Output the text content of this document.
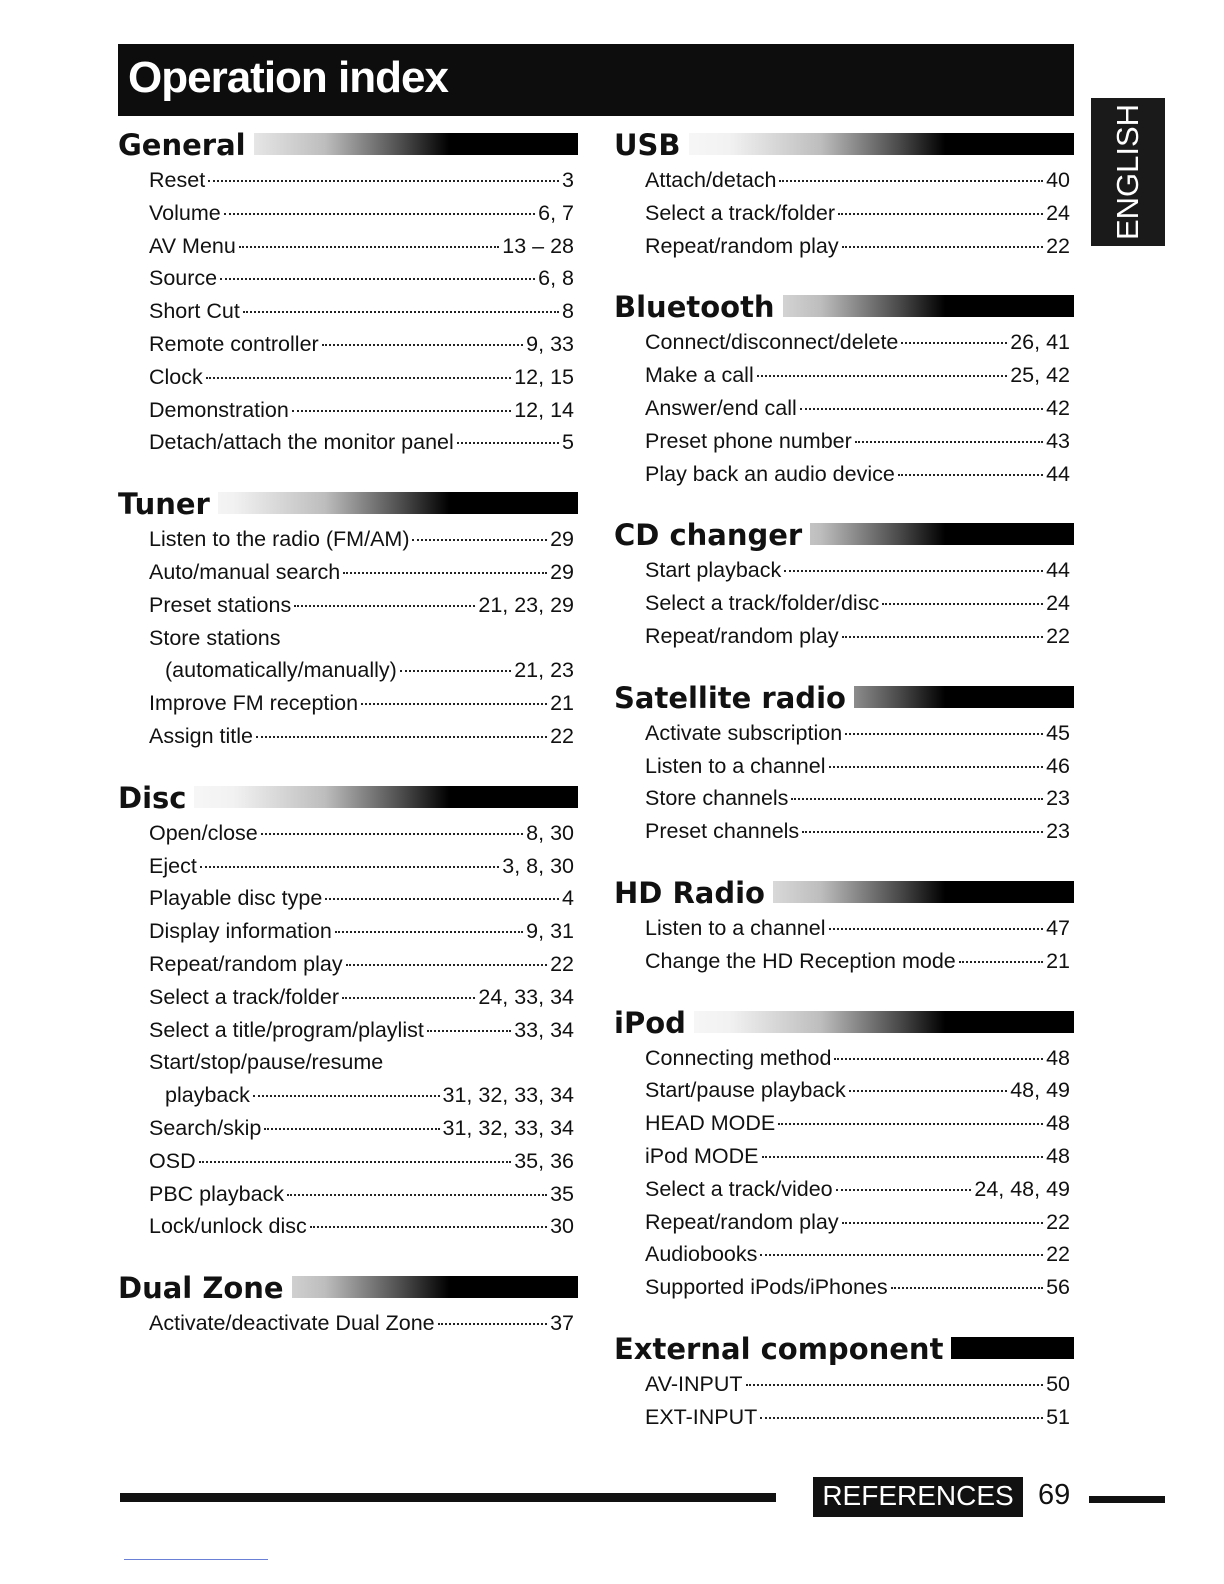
Operation index
ENGLISH
General
Reset	3
Volume	6, 7
AV Menu	13 – 28
Source	6, 8
Short Cut	8
Remote controller	9, 33
Clock	12, 15
Demonstration	12, 14
Detach/attach the monitor panel	5
Tuner
Listen to the radio (FM/AM)	29
Auto/manual search	29
Preset stations	21, 23, 29
Store stations
(automatically/manually)	21, 23
Improve FM reception	21
Assign title	22
Disc
Open/close	8, 30
Eject	3, 8, 30
Playable disc type	4
Display information	9, 31
Repeat/random play	22
Select a track/folder	24, 33, 34
Select a title/program/playlist	33, 34
Start/stop/pause/resume
playback	31, 32, 33, 34
Search/skip	31, 32, 33, 34
OSD	35, 36
PBC playback	35
Lock/unlock disc	30
Dual Zone
Activate/deactivate Dual Zone	37
USB
Attach/detach	40
Select a track/folder	24
Repeat/random play	22
Bluetooth
Connect/disconnect/delete	26, 41
Make a call	25, 42
Answer/end call	42
Preset phone number	43
Play back an audio device	44
CD changer
Start playback	44
Select a track/folder/disc	24
Repeat/random play	22
Satellite radio
Activate subscription	45
Listen to a channel	46
Store channels	23
Preset channels	23
HD Radio
Listen to a channel	47
Change the HD Reception mode	21
iPod
Connecting method	48
Start/pause playback	48, 49
HEAD MODE	48
iPod MODE	48
Select a track/video	24, 48, 49
Repeat/random play	22
Audiobooks	22
Supported iPods/iPhones	56
External component
AV-INPUT	50
EXT-INPUT	51
REFERENCES 69
